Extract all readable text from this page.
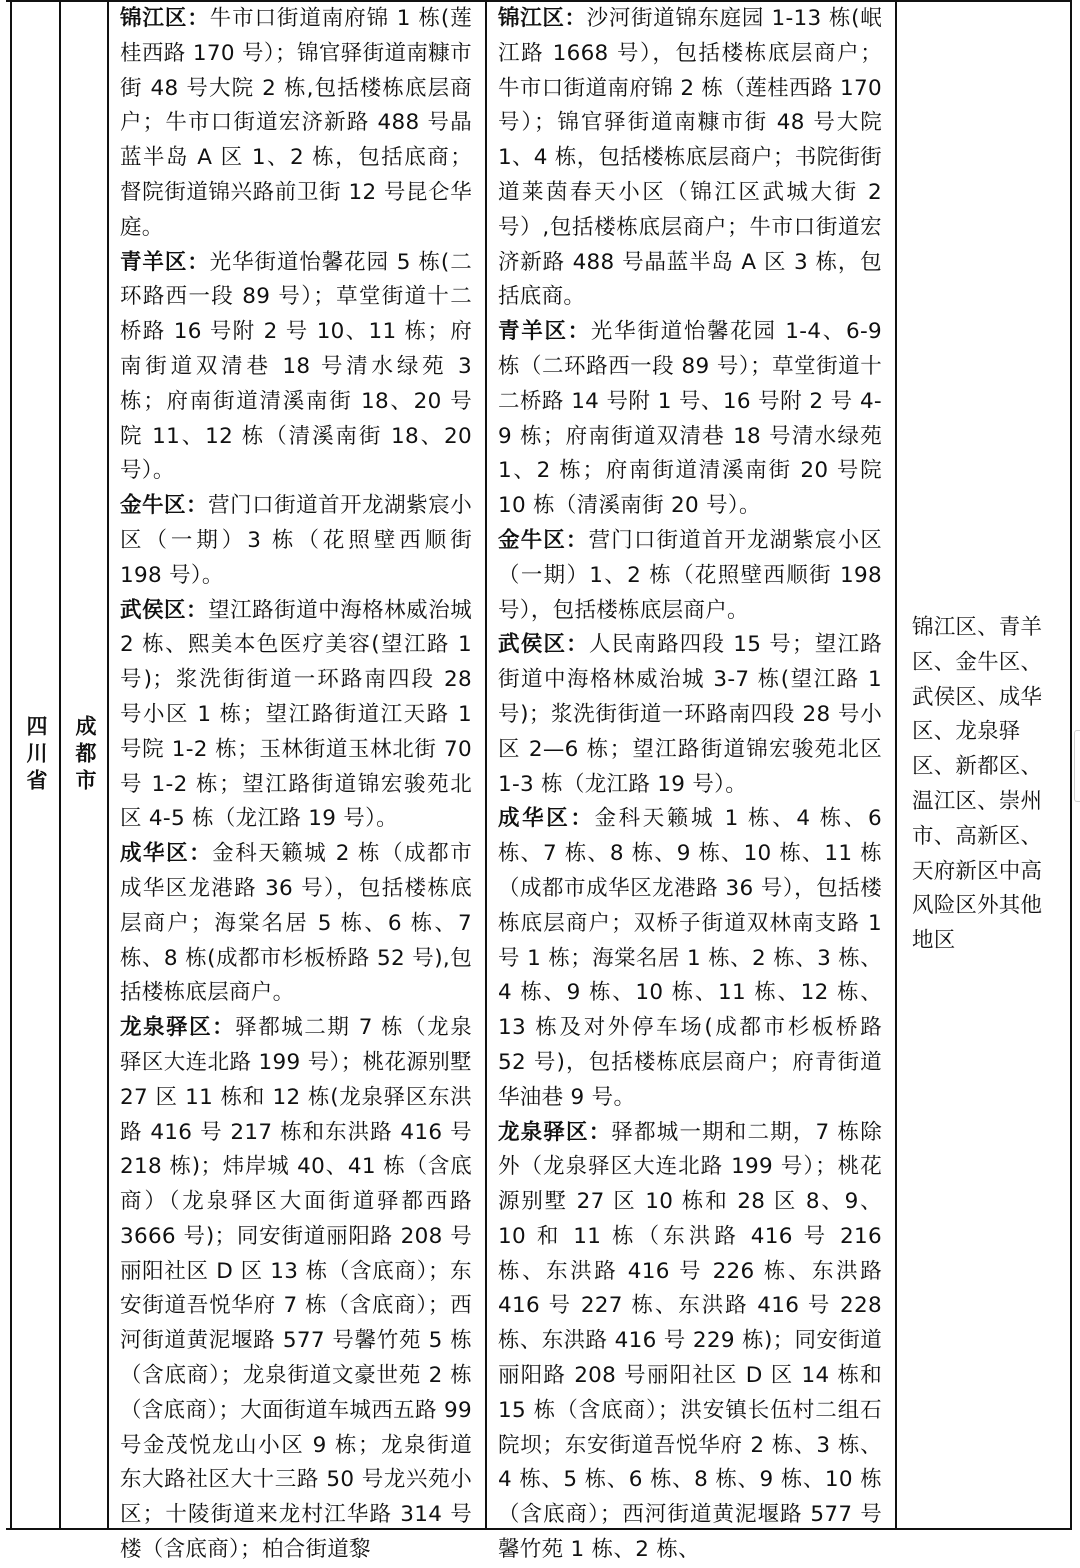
四川省 成都市

锦江区：牛市口街道南府锦 1 栋(莲桂西路 170 号）；锦官驿街道南糠市街 48 号大院 2 栋,包括楼栋底层商户；牛市口街道宏济新路 488 号晶蓝半岛 A 区 1、2 栋，包括底商；督院街道锦兴路前卫街 12 号昆仑华庭。

青羊区：光华街道怡馨花园 5 栋(二环路西一段 89 号）；草堂街道十二桥路 16 号附 2 号 10、11 栋；府南街道双清巷 18 号清水绿苑 3 栋；府南街道清溪南街 18、20 号院 11、12 栋（清溪南街 18、20 号）。

金牛区：营门口街道首开龙湖紫宸小区（一期）3 栋（花照壁西顺街 198 号）。

武侯区：望江路街道中海格林威治城 2 栋、熙美本色医疗美容(望江路 1 号)；浆洗街街道一环路南四段 28 号小区 1 栋；望江路街道江天路 1 号院 1-2 栋；玉林街道玉林北街 70 号 1-2 栋；望江路街道锦宏骏苑北区 4-5 栋（龙江路 19 号）。

成华区：金科天籁城 2 栋（成都市成华区龙港路 36 号），包括楼栋底层商户；海棠名居 5 栋、6 栋、7 栋、8 栋(成都市杉板桥路 52 号),包括楼栋底层商户。

龙泉驿区：驿都城二期 7 栋（龙泉驿区大连北路 199 号）；桃花源别墅 27 区 11 栋和 12 栋(龙泉驿区东洪路 416 号 217 栋和东洪路 416 号 218 栋)；炜岸城 40、41 栋（含底商）（龙泉驿区大面街道驿都西路 3666 号)；同安街道丽阳路 208 号丽阳社区 D 区 13 栋（含底商）；东安街道吾悦华府 7 栋（含底商）；西河街道黄泥堰路 577 号馨竹苑 5 栋（含底商）；龙泉街道文豪世苑 2 栋（含底商）；大面街道车城西五路 99 号金茂悦龙山小区 9 栋；龙泉街道东大路社区大十三路 50 号龙兴苑小区；十陵街道来龙村江华路 314 号楼（含底商）；柏合街道黎

锦江区：沙河街道锦东庭园 1-13 栋(岷江路 1668 号），包括楼栋底层商户；牛市口街道南府锦 2 栋（莲桂西路 170 号）；锦官驿街道南糠市街 48 号大院 1、4 栋，包括楼栋底层商户；书院街街道莱茵春天小区（锦江区武城大街 2 号）,包括楼栋底层商户；牛市口街道宏济新路 488 号晶蓝半岛 A 区 3 栋，包括底商。

青羊区：光华街道怡馨花园 1-4、6-9 栋（二环路西一段 89 号）；草堂街道十二桥路 14 号附 1 号、16 号附 2 号 4-9 栋；府南街道双清巷 18 号清水绿苑 1、2 栋；府南街道清溪南街 20 号院 10 栋（清溪南街 20 号）。

金牛区：营门口街道首开龙湖紫宸小区（一期）1、2 栋（花照壁西顺街 198 号），包括楼栋底层商户。

武侯区：人民南路四段 15 号；望江路街道中海格林威治城 3-7 栋(望江路 1 号)；浆洗街街道一环路南四段 28 号小区 2—6 栋；望江路街道锦宏骏苑北区 1-3 栋（龙江路 19 号）。

成华区：金科天籁城 1 栋、4 栋、6 栋、7 栋、8 栋、9 栋、10 栋、11 栋（成都市成华区龙港路 36 号），包括楼栋底层商户；双桥子街道双林南支路 1 号 1 栋；海棠名居 1 栋、2 栋、3 栋、4 栋、9 栋、10 栋、11 栋、12 栋、13 栋及对外停车场(成都市杉板桥路 52 号)，包括楼栋底层商户；府青街道华油巷 9 号。

龙泉驿区：驿都城一期和二期，7 栋除外（龙泉驿区大连北路 199 号）；桃花源别墅 27 区 10 栋和 28 区 8、9、10 和 11 栋（东洪路 416 号 216 栋、东洪路 416 号 226 栋、东洪路 416 号 227 栋、东洪路 416 号 228 栋、东洪路 416 号 229 栋)；同安街道丽阳路 208 号丽阳社区 D 区 14 栋和 15 栋（含底商）；洪安镇长伍村二组石院坝；东安街道吾悦华府 2 栋、3 栋、4 栋、5 栋、6 栋、8 栋、9 栋、10 栋（含底商）；西河街道黄泥堰路 577 号馨竹苑 1 栋、2 栋、

锦江区、青羊区、金牛区、武侯区、成华区、龙泉驿区、新都区、温江区、崇州市、高新区、天府新区中高风险区外其他地区
